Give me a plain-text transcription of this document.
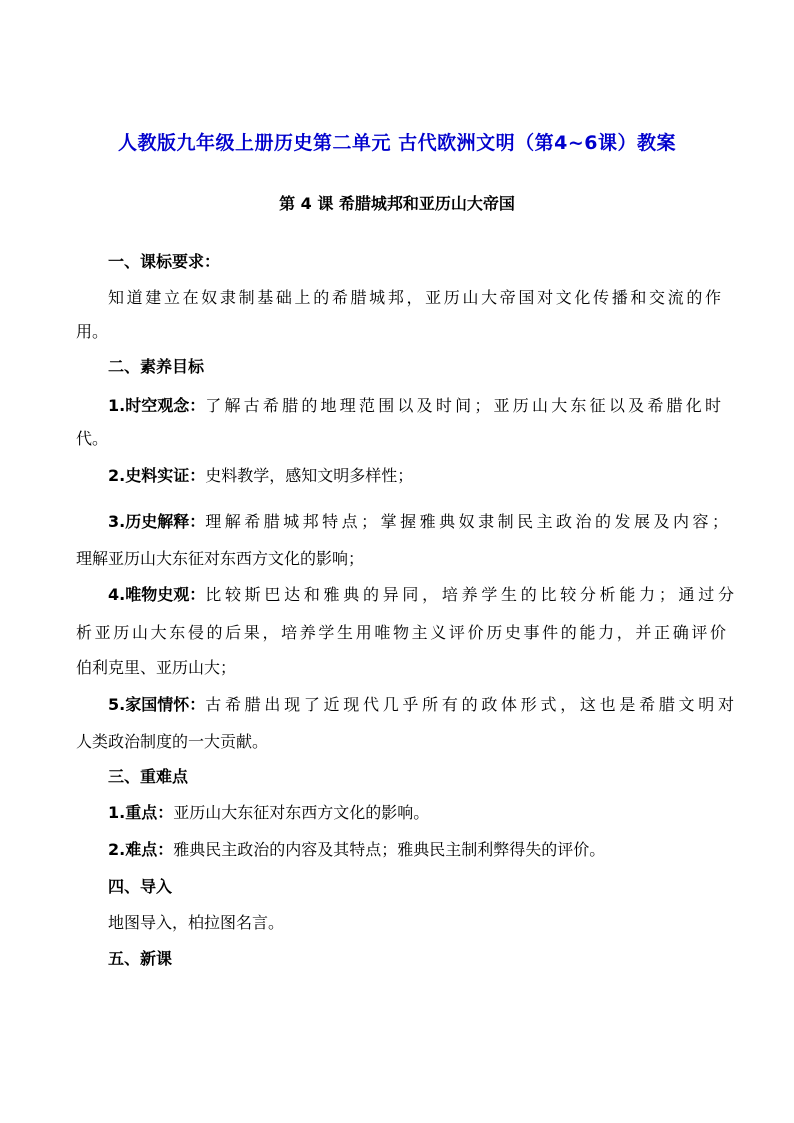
人教版九年级上册历史第二单元 古代欧洲文明（第4~6课）教案
第 4 课 希腊城邦和亚历山大帝国
一、课标要求：
知道建立在奴隶制基础上的希腊城邦，亚历山大帝国对文化传播和交流的作
用。
二、素养目标
1.时空观念： 了解古希腊的地理范围以及时间；亚历山大东征以及希腊化时
代。
2.史料实证：史料教学，感知文明多样性；
3.历史解释： 理解希腊城邦特点；掌握雅典奴隶制民主政治的发展及内容；
理解亚历山大东征对东西方文化的影响；
4.唯物史观： 比较斯巴达和雅典的异同，培养学生的比较分析能力；通过分
析亚历山大东侵的后果，培养学生用唯物主义评价历史事件的能力，并正确评价
伯利克里、亚历山大；
5.家国情怀： 古希腊出现了近现代几乎所有的政体形式，这也是希腊文明对
人类政治制度的一大贡献。
三、重难点
1.重点：亚历山大东征对东西方文化的影响。
2.难点：雅典民主政治的内容及其特点；雅典民主制利弊得失的评价。
四、导入
地图导入，柏拉图名言。
五、新课
